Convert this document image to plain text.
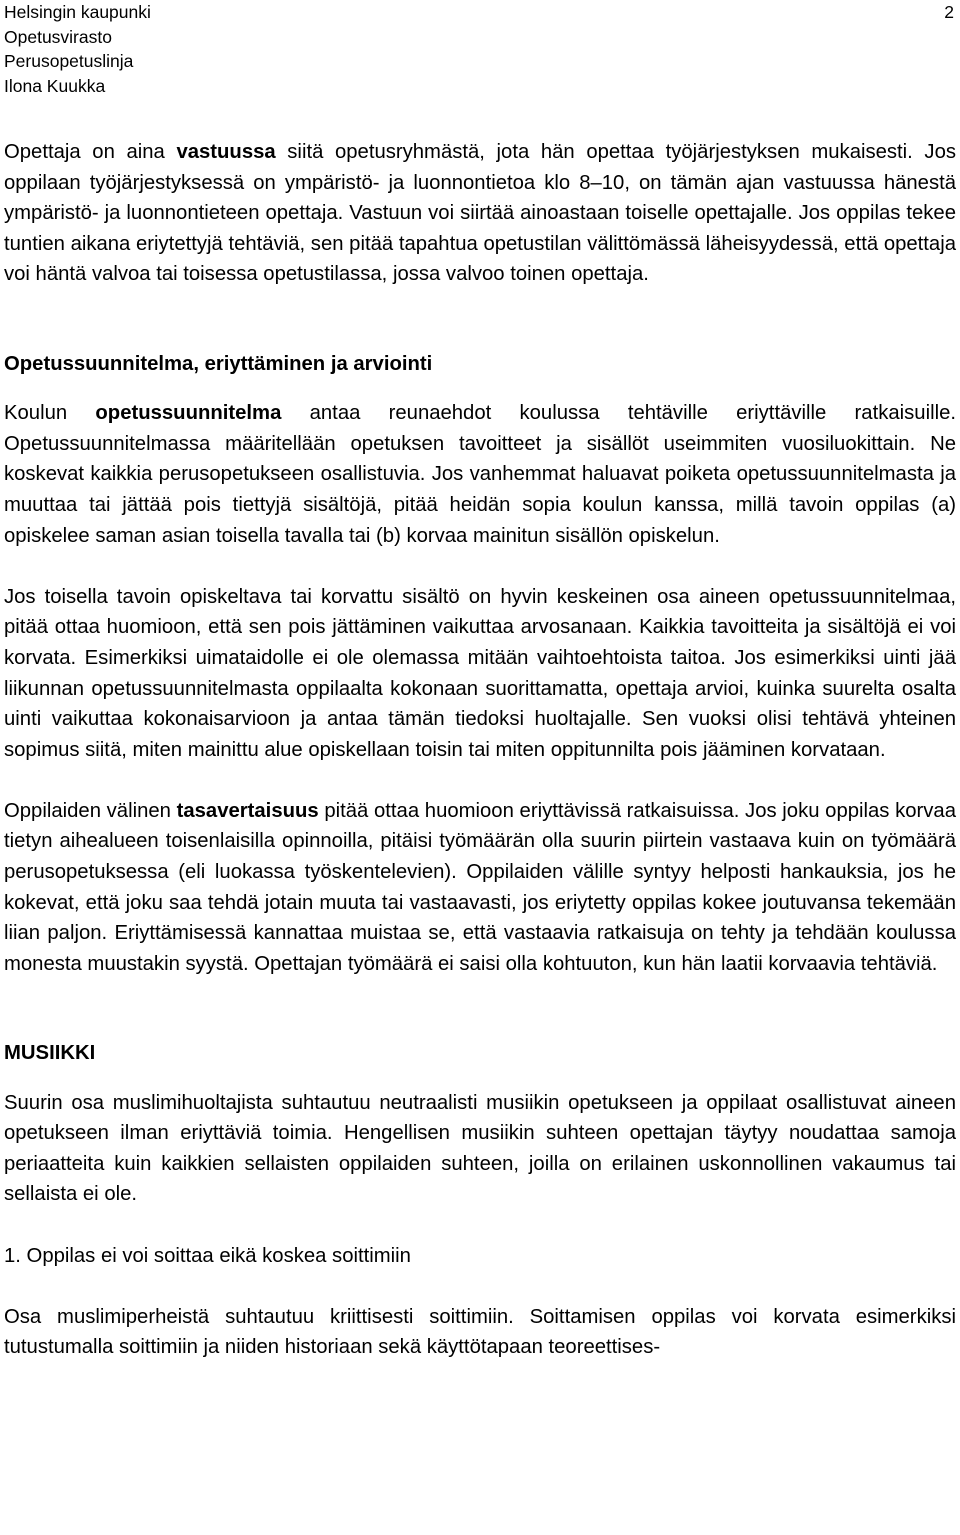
Helsingin kaupunki
Opetusvirasto
Perusopetuslinja
Ilona Kuukka
2

Opettaja on aina vastuussa siitä opetusryhmästä, jota hän opettaa työjärjestyksen mukaisesti. Jos oppilaan työjärjestyksessä on ympäristö- ja luonnontietoa klo 8–10, on tämän ajan vastuussa hänestä ympäristö- ja luonnontieteen opettaja. Vastuun voi siirtää ainoastaan toiselle opettajalle. Jos oppilas tekee tuntien aikana eriytettyjä tehtäviä, sen pitää tapahtua opetustilan välittömässä läheisyydessä, että opettaja voi häntä valvoa tai toisessa opetustilassa, jossa valvoo toinen opettaja.

Opetussuunnitelma, eriyttäminen ja arviointi

Koulun opetussuunnitelma antaa reunaehdot koulussa tehtäville eriyttäville ratkaisuille. Opetussuunnitelmassa määritellään opetuksen tavoitteet ja sisällöt useimmiten vuosiluokittain. Ne koskevat kaikkia perusopetukseen osallistuvia. Jos vanhemmat haluavat poiketa opetussuunnitelmasta ja muuttaa tai jättää pois tiettyjä sisältöjä, pitää heidän sopia koulun kanssa, millä tavoin oppilas (a) opiskelee saman asian toisella tavalla tai (b) korvaa mainitun sisällön opiskelun.

Jos toisella tavoin opiskeltava tai korvattu sisältö on hyvin keskeinen osa aineen opetussuunnitelmaa, pitää ottaa huomioon, että sen pois jättäminen vaikuttaa arvosanaan. Kaikkia tavoitteita ja sisältöjä ei voi korvata. Esimerkiksi uimataidolle ei ole olemassa mitään vaihtoehtoista taitoa. Jos esimerkiksi uinti jää liikunnan opetussuunnitelmasta oppilaalta kokonaan suorittamatta, opettaja arvioi, kuinka suurelta osalta uinti vaikuttaa kokonaisarvioon ja antaa tämän tiedoksi huoltajalle. Sen vuoksi olisi tehtävä yhteinen sopimus siitä, miten mainittu alue opiskellaan toisin tai miten oppitunnilta pois jääminen korvataan.

Oppilaiden välinen tasavertaisuus pitää ottaa huomioon eriyttävissä ratkaisuissa. Jos joku oppilas korvaa tietyn aihealueen toisenlaisilla opinnoilla, pitäisi työmäärän olla suurin piirtein vastaava kuin on työmäärä perusopetuksessa (eli luokassa työskentelevien). Oppilaiden välille syntyy helposti hankauksia, jos he kokevat, että joku saa tehdä jotain muuta tai vastaavasti, jos eriytetty oppilas kokee joutuvansa tekemään liian paljon. Eriyttämisessä kannattaa muistaa se, että vastaavia ratkaisuja on tehty ja tehdään koulussa monesta muustakin syystä. Opettajan työmäärä ei saisi olla kohtuuton, kun hän laatii korvaavia tehtäviä.

MUSIIKKI

Suurin osa muslimihuoltajista suhtautuu neutraalisti musiikin opetukseen ja oppilaat osallistuvat aineen opetukseen ilman eriyttäviä toimia. Hengellisen musiikin suhteen opettajan täytyy noudattaa samoja periaatteita kuin kaikkien sellaisten oppilaiden suhteen, joilla on erilainen uskonnollinen vakaumus tai sellaista ei ole.

1. Oppilas ei voi soittaa eikä koskea soittimiin

Osa muslimiperheistä suhtautuu kriittisesti soittimiin. Soittamisen oppilas voi korvata esimerkiksi tutustumalla soittimiin ja niiden historiaan sekä käyttötapaan teoreettises-
